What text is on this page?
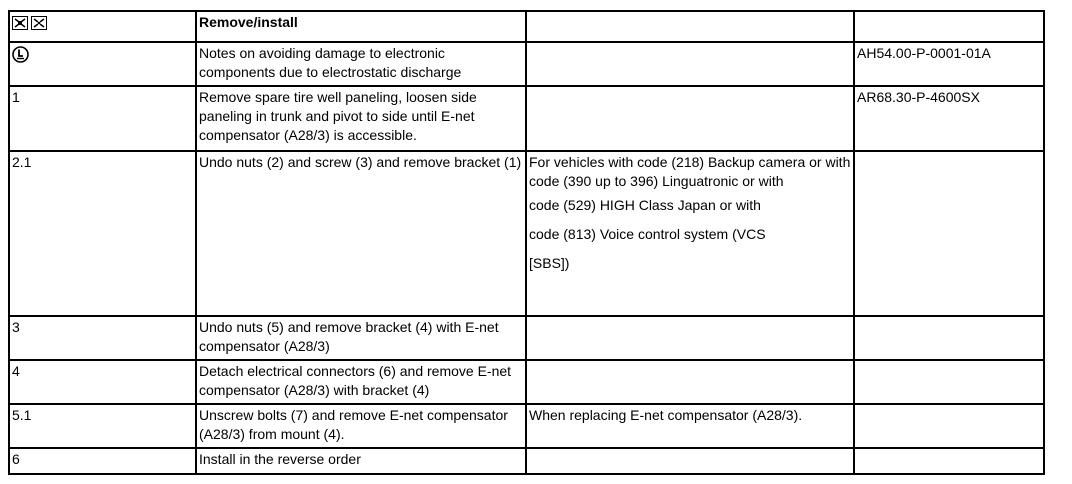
	Remove/install		
	Notes on avoiding damage to electronic components due to electrostatic discharge		AH54.00-P-0001-01A
1	Remove spare tire well paneling, loosen side paneling in trunk and pivot to side until E-net compensator (A28/3) is accessible.		AR68.30-P-4600SX
2.1	Undo nuts (2) and screw (3) and remove bracket (1)	For vehicles with code (218) Backup camera or with
code (390 up to 396) Linguatronic or with
code (529) HIGH Class Japan or with
code (813) Voice control system (VCS
[SBS])	

3	Undo nuts (5) and remove bracket (4) with E-net compensator (A28/3)		
4	Detach electrical connectors (6) and remove E-net compensator (A28/3) with bracket (4)		
5.1	Unscrew bolts (7) and remove E-net compensator (A28/3) from mount (4).	When replacing E-net compensator (A28/3).	
6	Install in the reverse order		
